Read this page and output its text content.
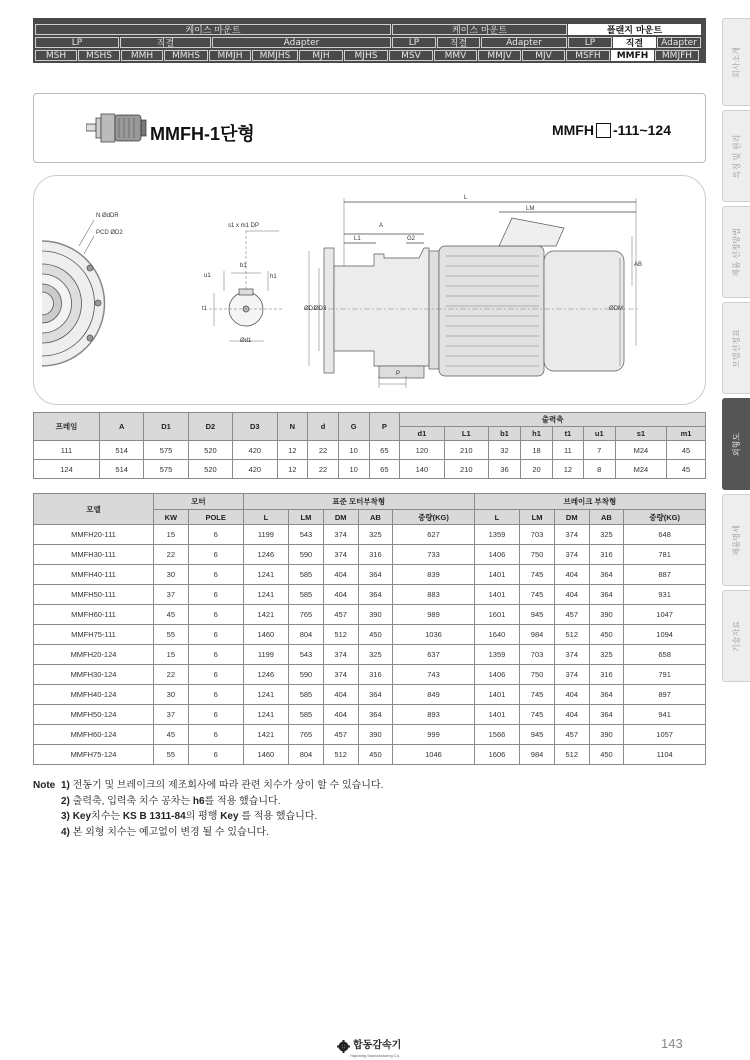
케이스 마운트	케이스 마운트	플랜지 마운트
LP	직결	Adapter	LP	직결	Adapter	LP	직결	Adapter
MSH	MSHS	MMH	MMHS	MMJH	MMJHS	MJH	MJHS	MSV	MMV	MMJV	MJV	MSFH	MMFH	MMJFH	회사소개
특징 및 원리
제품 선정방법
모델선정표
외형도
제품명세
기술자료
MMFH-1단형	MMFH -111~124
N ØdDR
PCD ØD2
s1 x m1 DP
b1
h1
u1
t1
Ød1
L
LM
A
L1	G2
AB
ØD1
ØD3	ØDM
P
프레임	A	D1	D2	D3	N	d	G	P	출력축							
									d1	L1	b1	h1	t1	u1	s1	m1
111	514	575	520	420	12	22	10	65	120	210	32	18	11	7	M24	45
124	514	575	520	420	12	22	10	65	140	210	36	20	12	8	M24	45
모델	모터		표준 모터부착형					브레이크 부착형				
	KW	POLE	L	LM	DM	AB	중량(KG)	L	LM	DM	AB	중량(KG)
MMFH20-111	15	6	1199	543	374	325	627	1359	703	374	325	648
MMFH30-111	22	6	1246	590	374	316	733	1406	750	374	316	781
MMFH40-111	30	6	1241	585	404	364	839	1401	745	404	364	887
MMFH50-111	37	6	1241	585	404	364	883	1401	745	404	364	931
MMFH60-111	45	6	1421	765	457	390	989	1601	945	457	390	1047
MMFH75-111	55	6	1460	804	512	450	1036	1640	984	512	450	1094
MMFH20-124	15	6	1199	543	374	325	637	1359	703	374	325	658
MMFH30-124	22	6	1246	590	374	316	743	1406	750	374	316	791
MMFH40-124	30	6	1241	585	404	364	849	1401	745	404	364	897
MMFH50-124	37	6	1241	585	404	364	893	1401	745	404	364	941
MMFH60-124	45	6	1421	765	457	390	999	1566	945	457	390	1057
MMFH75-124	55	6	1460	804	512	450	1046	1606	984	512	450	1104
Note 1) 전동기 및 브레이크의 제조회사에 따라 관련 치수가 상이 할 수 있습니다.
2) 출력축, 입력축 치수 공차는 h6를 적용 했습니다.
3) Key치수는 KS B 1311-84의 평행 Key 를 적용 했습니다.
4) 본 외형 치수는 예고없이 변경 될 수 있습니다.
합동감속기
Hapdong Manufacturing Co.
143
